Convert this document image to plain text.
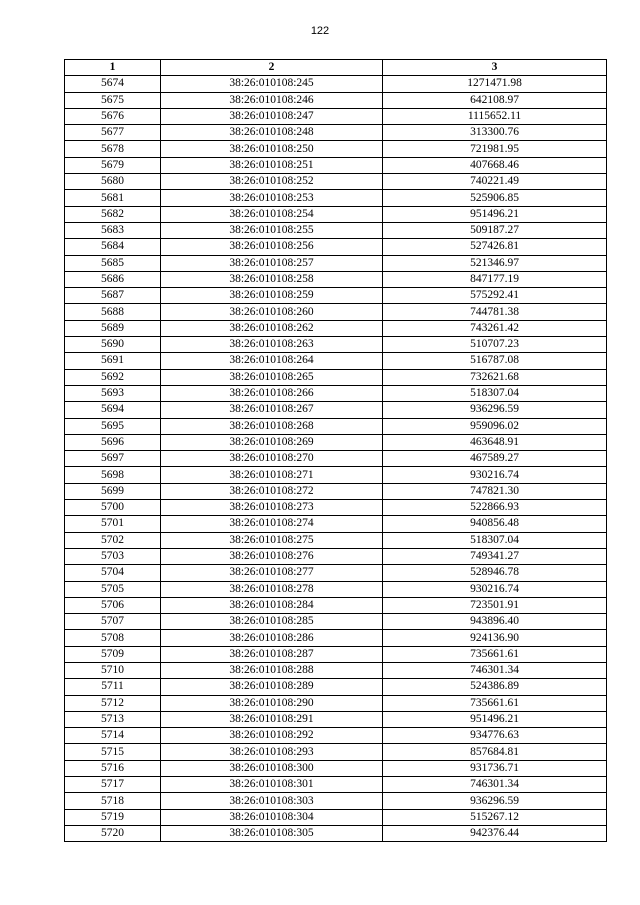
122
1	2	3
5674	38:26:010108:245	1271471.98
5675	38:26:010108:246	642108.97
5676	38:26:010108:247	1115652.11
5677	38:26:010108:248	313300.76
5678	38:26:010108:250	721981.95
5679	38:26:010108:251	407668.46
5680	38:26:010108:252	740221.49
5681	38:26:010108:253	525906.85
5682	38:26:010108:254	951496.21
5683	38:26:010108:255	509187.27
5684	38:26:010108:256	527426.81
5685	38:26:010108:257	521346.97
5686	38:26:010108:258	847177.19
5687	38:26:010108:259	575292.41
5688	38:26:010108:260	744781.38
5689	38:26:010108:262	743261.42
5690	38:26:010108:263	510707.23
5691	38:26:010108:264	516787.08
5692	38:26:010108:265	732621.68
5693	38:26:010108:266	518307.04
5694	38:26:010108:267	936296.59
5695	38:26:010108:268	959096.02
5696	38:26:010108:269	463648.91
5697	38:26:010108:270	467589.27
5698	38:26:010108:271	930216.74
5699	38:26:010108:272	747821.30
5700	38:26:010108:273	522866.93
5701	38:26:010108:274	940856.48
5702	38:26:010108:275	518307.04
5703	38:26:010108:276	749341.27
5704	38:26:010108:277	528946.78
5705	38:26:010108:278	930216.74
5706	38:26:010108:284	723501.91
5707	38:26:010108:285	943896.40
5708	38:26:010108:286	924136.90
5709	38:26:010108:287	735661.61
5710	38:26:010108:288	746301.34
5711	38:26:010108:289	524386.89
5712	38:26:010108:290	735661.61
5713	38:26:010108:291	951496.21
5714	38:26:010108:292	934776.63
5715	38:26:010108:293	857684.81
5716	38:26:010108:300	931736.71
5717	38:26:010108:301	746301.34
5718	38:26:010108:303	936296.59
5719	38:26:010108:304	515267.12
5720	38:26:010108:305	942376.44
